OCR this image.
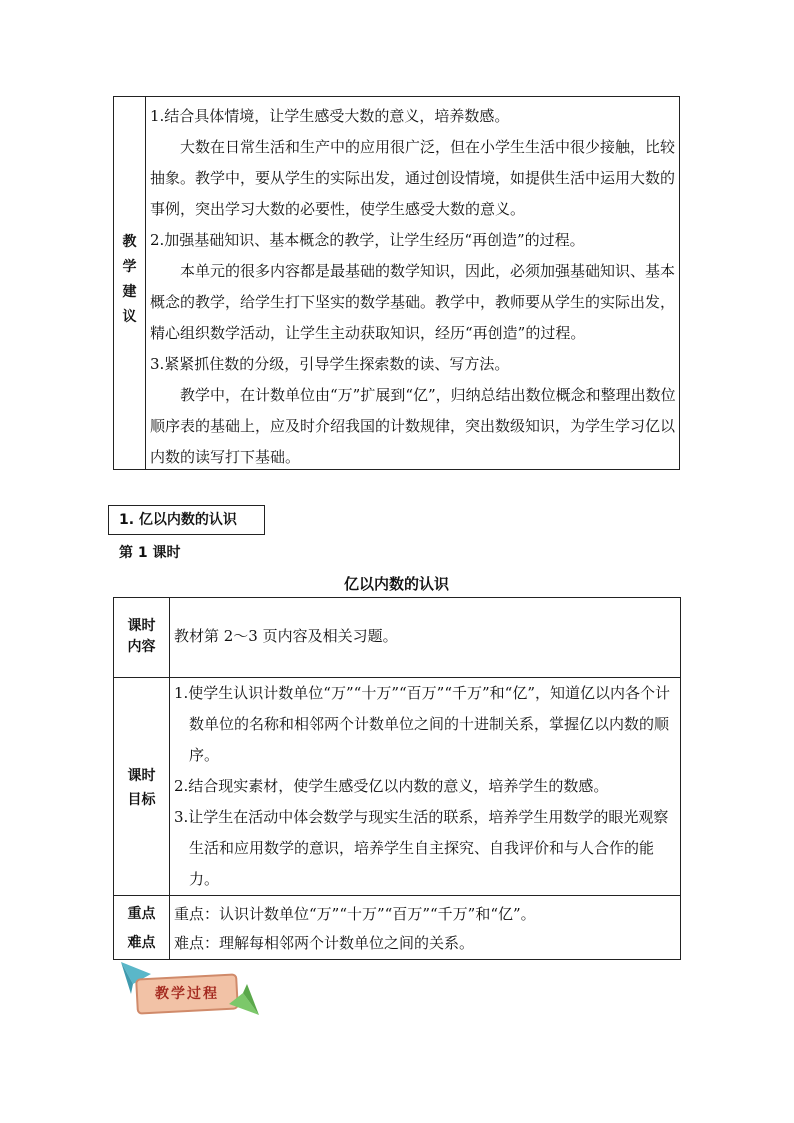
教
学
建
议

1.结合具体情境，让学生感受大数的意义，培养数感。

大数在日常生活和生产中的应用很广泛，但在小学生生活中很少接触，比较抽象。教学中，要从学生的实际出发，通过创设情境，如提供生活中运用大数的事例，突出学习大数的必要性，使学生感受大数的意义。

2.加强基础知识、基本概念的教学，让学生经历“再创造”的过程。

本单元的很多内容都是最基础的数学知识，因此，必须加强基础知识、基本概念的教学，给学生打下坚实的数学基础。教学中，教师要从学生的实际出发，精心组织数学活动，让学生主动获取知识，经历“再创造”的过程。

3.紧紧抓住数的分级，引导学生探索数的读、写方法。

教学中，在计数单位由“万”扩展到“亿”，归纳总结出数位概念和整理出数位顺序表的基础上，应及时介绍我国的计数规律，突出数级知识，为学生学习亿以内数的读写打下基础。

1. 亿以内数的认识
第 1 课时
亿以内数的认识
课时
内容
教材第 2～3 页内容及相关习题。
课时
目标

1.使学生认识计数单位“万”“十万”“百万”“千万”和“亿”，知道亿以内各个计数单位的名称和相邻两个计数单位之间的十进制关系，掌握亿以内数的顺序。

2.结合现实素材，使学生感受亿以内数的意义，培养学生的数感。

3.让学生在活动中体会数学与现实生活的联系，培养学生用数学的眼光观察生活和应用数学的意识，培养学生自主探究、自我评价和与人合作的能力。

重点
难点
重点：认识计数单位“万”“十万”“百万”“千万”和“亿”。
难点：理解每相邻两个计数单位之间的关系。
教学过程
